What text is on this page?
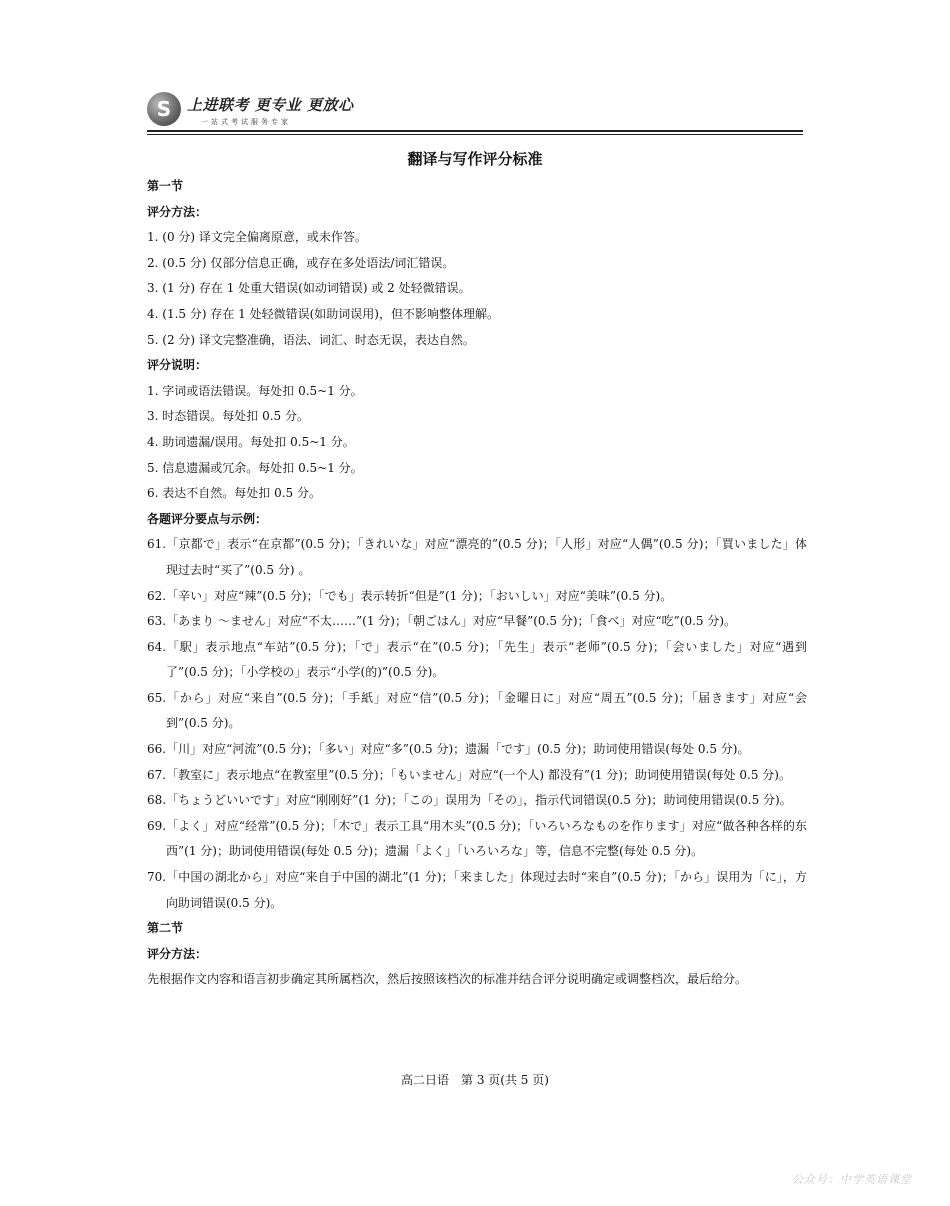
S	上进联考 更专业 更放心
一站式考试服务专家
翻译与写作评分标准

第一节

评分方法：

1. (0 分) 译文完全偏离原意，或未作答。

2. (0.5 分) 仅部分信息正确，或存在多处语法/词汇错误。

3. (1 分) 存在 1 处重大错误(如动词错误) 或 2 处轻微错误。

4. (1.5 分) 存在 1 处轻微错误(如助词误用)，但不影响整体理解。

5. (2 分) 译文完整准确，语法、词汇、时态无误，表达自然。

评分说明：

1. 字词或语法错误。每处扣 0.5~1 分。

3. 时态错误。每处扣 0.5 分。

4. 助词遗漏/误用。每处扣 0.5~1 分。

5. 信息遗漏或冗余。每处扣 0.5~1 分。

6. 表达不自然。每处扣 0.5 分。

各题评分要点与示例：

61.「京都で」表示“在京都”(0.5 分)；「きれいな」对应“漂亮的”(0.5 分)；「人形」对应“人偶”(0.5 分)；「買いました」体现过去时“买了”(0.5 分) 。

62.「辛い」对应“辣”(0.5 分)；「でも」表示转折“但是”(1 分)；「おいしい」对应“美味”(0.5 分)。

63.「あまり ～ません」对应“不太……”(1 分)；「朝ごはん」对应“早餐”(0.5 分)；「食べ」对应“吃”(0.5 分)。

64.「駅」表示地点“车站”(0.5 分)；「で」表示“在”(0.5 分)；「先生」表示“老师”(0.5 分)；「会いました」对应“遇到了”(0.5 分)；「小学校の」表示“小学(的)”(0.5 分)。

65.「から」对应“来自”(0.5 分)；「手紙」对应“信”(0.5 分)；「金曜日に」对应“周五”(0.5 分)；「届きます」对应“会到”(0.5 分)。

66.「川」对应“河流”(0.5 分)；「多い」对应“多”(0.5 分)；遗漏「です」(0.5 分)；助词使用错误(每处 0.5 分)。

67.「教室に」表示地点“在教室里”(0.5 分)；「もいません」对应“(一个人) 都没有”(1 分)；助词使用错误(每处 0.5 分)。

68.「ちょうどいいです」对应“刚刚好”(1 分)；「この」误用为「その」，指示代词错误(0.5 分)；助词使用错误(0.5 分)。

69.「よく」对应“经常”(0.5 分)；「木で」表示工具“用木头”(0.5 分)；「いろいろなものを作ります」对应“做各种各样的东西”(1 分)；助词使用错误(每处 0.5 分)；遗漏「よく」「いろいろな」等，信息不完整(每处 0.5 分)。

70.「中国の湖北から」对应“来自于中国的湖北”(1 分)；「来ました」体现过去时“来自”(0.5 分)；「から」误用为「に」，方向助词错误(0.5 分)。

第二节

评分方法：

先根据作文内容和语言初步确定其所属档次，然后按照该档次的标准并结合评分说明确定或调整档次，最后给分。

高二日语　第 3 页(共 5 页)
公众号：中学英语课堂
